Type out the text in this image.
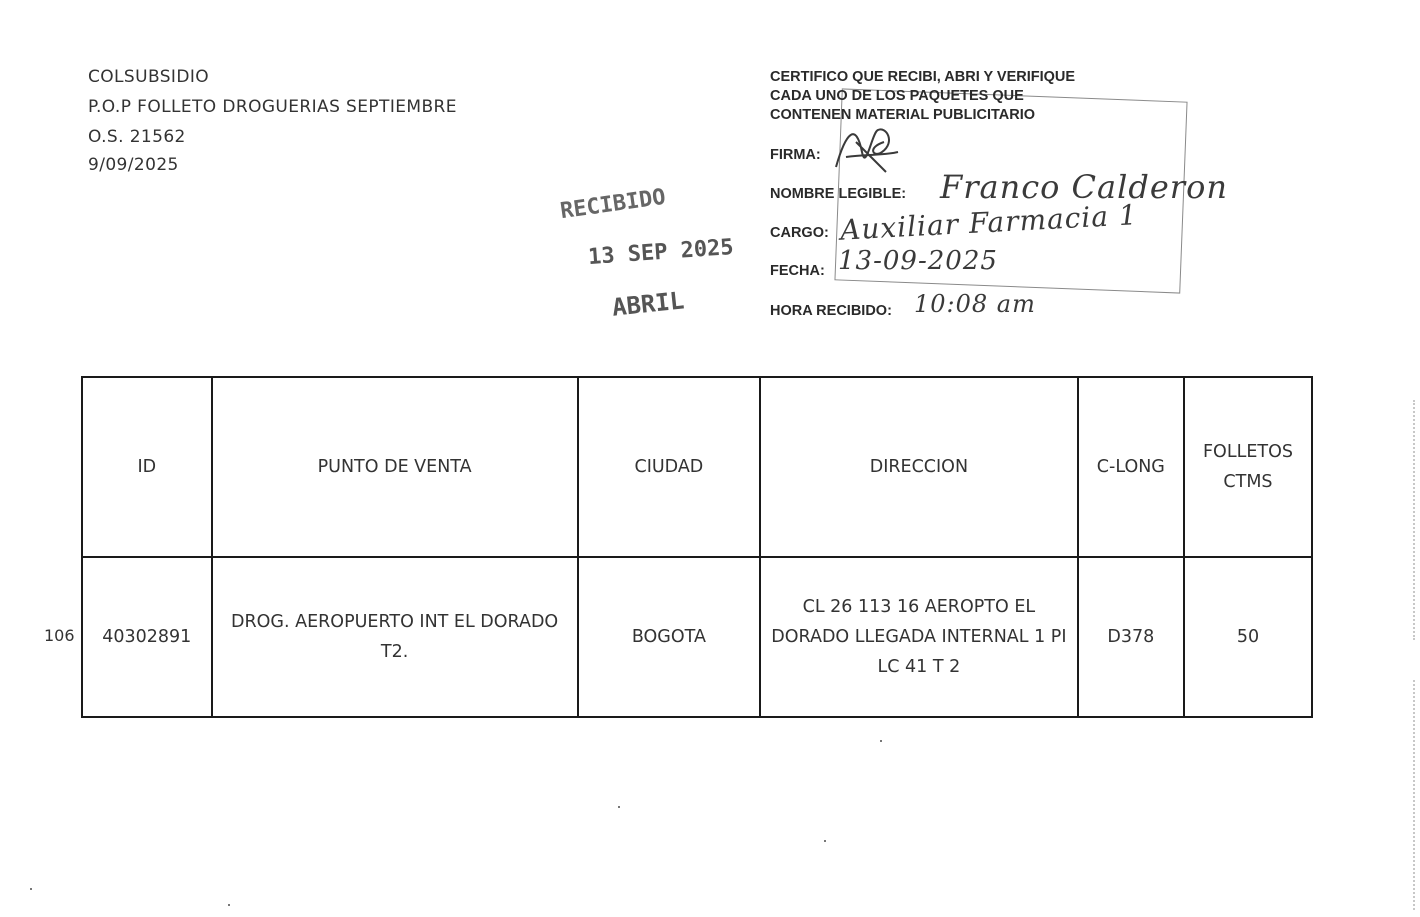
COLSUBSIDIO
P.O.P FOLLETO DROGUERIAS SEPTIEMBRE
O.S. 21562
9/09/2025
CERTIFICO QUE RECIBI, ABRI Y VERIFIQUE
CADA UNO DE LOS PAQUETES QUE
CONTENEN MATERIAL PUBLICITARIO
FIRMA:
NOMBRE LEGIBLE: Franco Calderon
CARGO: Auxiliar Farmacia 1
FECHA: 13-09-2025
HORA RECIBIDO: 10:08 am
RECIBIDO
13 SEP 2025
ABRIL
106
ID	PUNTO DE VENTA	CIUDAD	DIRECCION	C-LONG	FOLLETOS CTMS
40302891	DROG. AEROPUERTO INT EL DORADO T2.	BOGOTA	CL 26 113 16 AEROPTO EL DORADO LLEGADA INTERNAL 1 PI LC 41 T 2	D378	50
